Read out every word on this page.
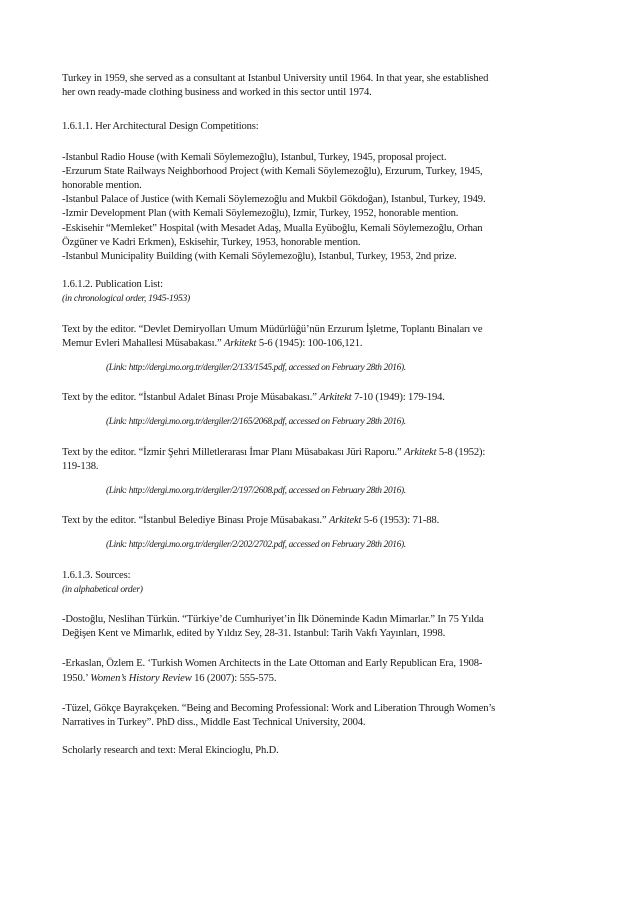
Turkey in 1959, she served as a consultant at Istanbul University until 1964. In that year, she established

her own ready-made clothing business and worked in this sector until 1974.

1.6.1.1. Her Architectural Design Competitions:

-Istanbul Radio House (with Kemali Söylemezoğlu), Istanbul, Turkey, 1945, proposal project.

-Erzurum State Railways Neighborhood Project (with Kemali Söylemezoğlu), Erzurum, Turkey, 1945,

honorable mention.

-Istanbul Palace of Justice (with Kemali Söylemezoğlu and Mukbil Gökdoğan), Istanbul, Turkey, 1949.

-Izmir Development Plan (with Kemali Söylemezoğlu), Izmir, Turkey, 1952, honorable mention.

-Eskisehir “Memleket” Hospital (with Mesadet Adaş, Mualla Eyüboğlu, Kemali Söylemezoğlu, Orhan

Özgüner ve Kadri Erkmen), Eskisehir, Turkey, 1953, honorable mention.

-Istanbul Municipality Building (with Kemali Söylemezoğlu), Istanbul, Turkey, 1953, 2nd prize.

1.6.1.2. Publication List:

(in chronological order, 1945-1953)

Text by the editor. “Devlet Demiryolları Umum Müdürlüğü’nün Erzurum İşletme, Toplantı Binaları ve
Memur Evleri Mahallesi Müsabakası.” Arkitekt 5-6 (1945): 100-106,121.

(Link: http://dergi.mo.org.tr/dergiler/2/133/1545.pdf, accessed on February 28th 2016).

Text by the editor. “İstanbul Adalet Binası Proje Müsabakası.” Arkitekt 7-10 (1949): 179-194.

(Link: http://dergi.mo.org.tr/dergiler/2/165/2068.pdf, accessed on February 28th 2016).

Text by the editor. “İzmir Şehri Milletlerarası İmar Planı Müsabakası Jüri Raporu.” Arkitekt 5-8 (1952):
119-138.

(Link: http://dergi.mo.org.tr/dergiler/2/197/2608.pdf, accessed on February 28th 2016).

Text by the editor. “İstanbul Belediye Binası Proje Müsabakası.” Arkitekt 5-6 (1953): 71-88.

(Link: http://dergi.mo.org.tr/dergiler/2/202/2702.pdf, accessed on February 28th 2016).

1.6.1.3. Sources:

(in alphabetical order)

-Dostoğlu, Neslihan Türkün. “Türkiye’de Cumhuriyet’in İlk Döneminde Kadın Mimarlar.” In 75 Yılda
Değişen Kent ve Mimarlık, edited by Yıldız Sey, 28-31. Istanbul: Tarih Vakfı Yayınları, 1998.

-Erkaslan, Özlem E. ‘Turkish Women Architects in the Late Ottoman and Early Republican Era, 1908-
1950.’ Women’s History Review 16 (2007): 555-575.

-Tüzel, Gökçe Bayrakçeken. “Being and Becoming Professional: Work and Liberation Through Women’s
Narratives in Turkey”. PhD diss., Middle East Technical University, 2004.

Scholarly research and text: Meral Ekincioglu, Ph.D.
